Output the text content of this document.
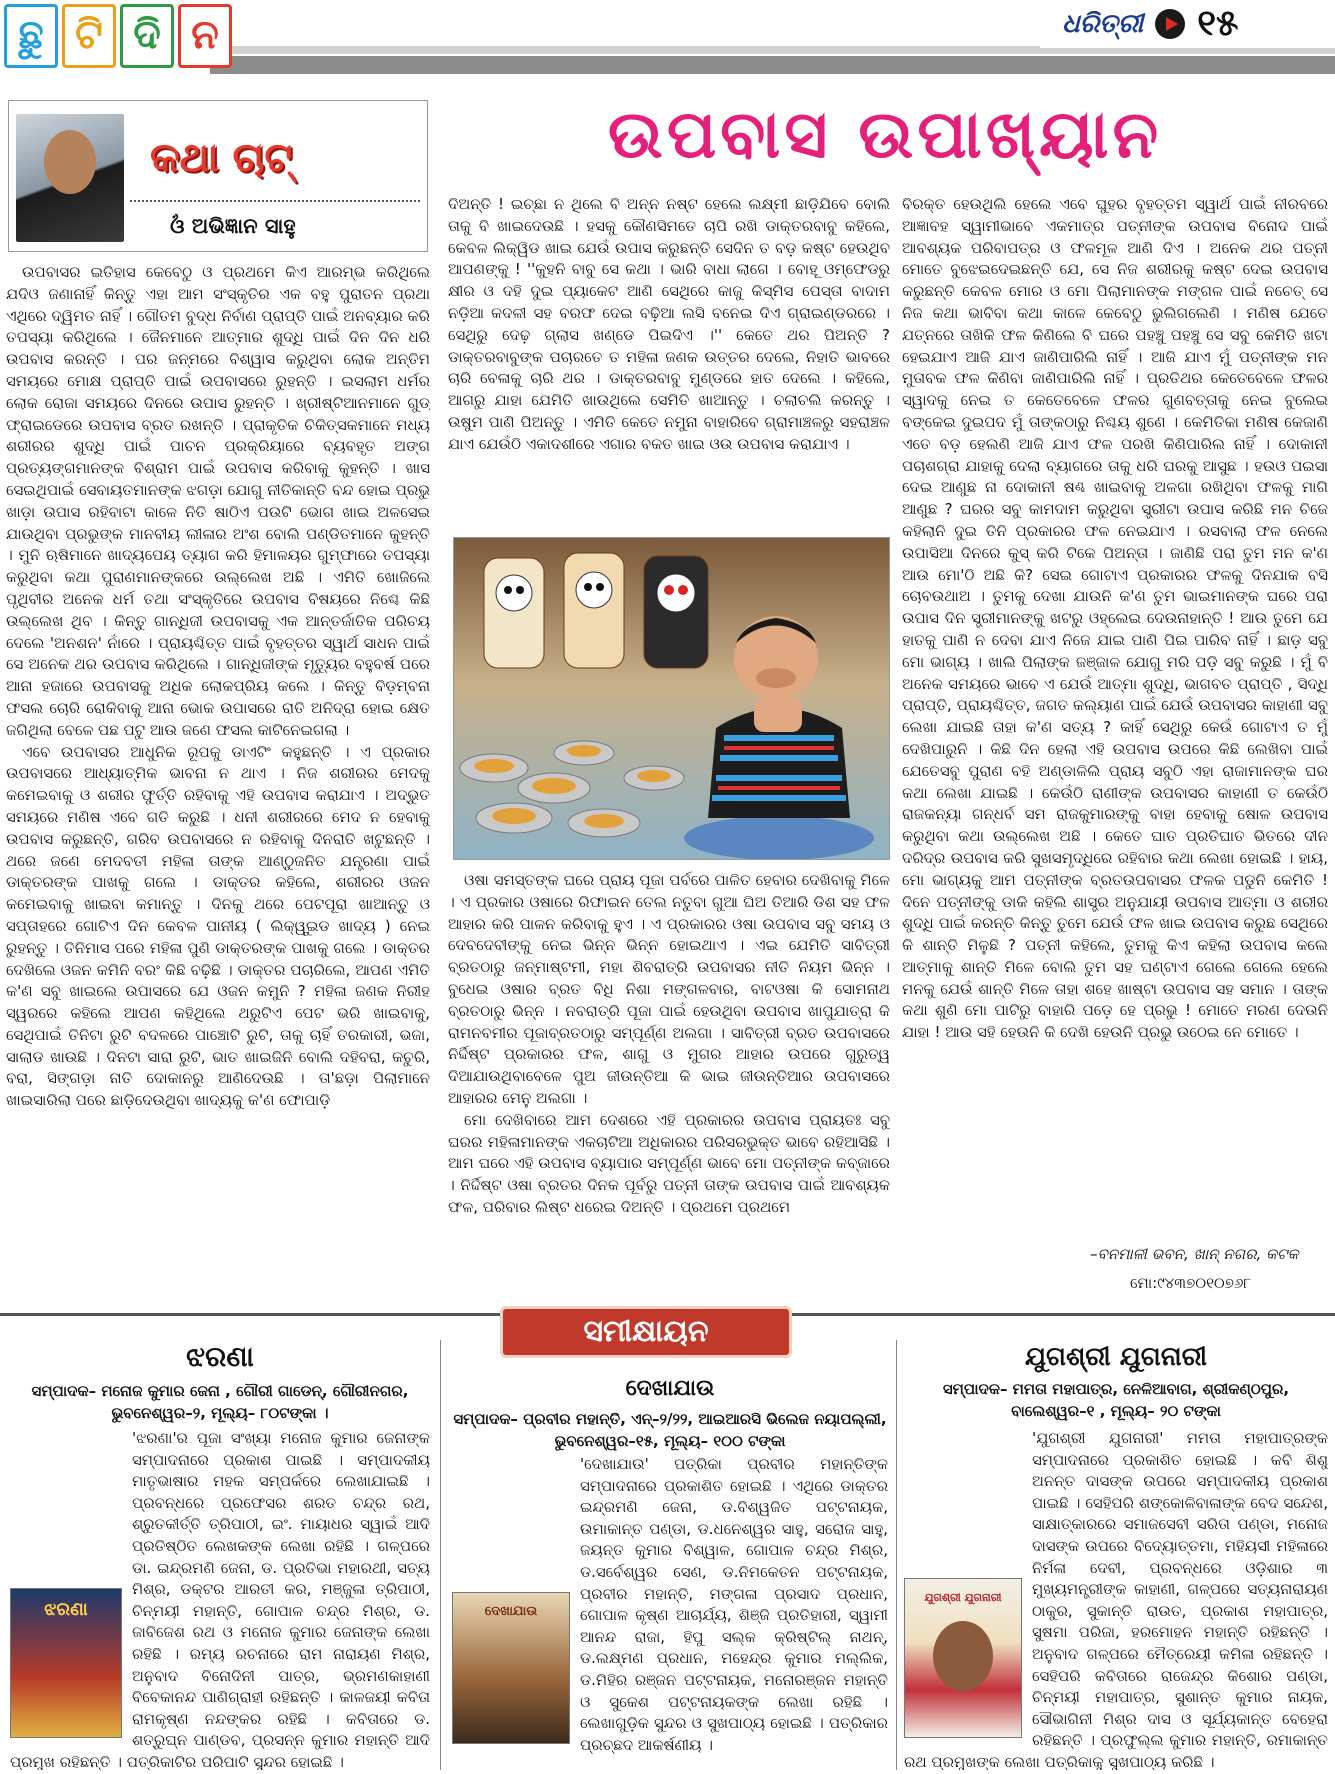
ଛୁ ଟି ଦି ନ	ଧରିତ୍ରୀ ୧୫
କଥା ଚାଟ୍
ଓଁ ଅଭିଜ୍ଞାନ ସାହୁ
ଉପବାସ ଉପାଖ୍ୟାନ

ଉପବାସର ଇତିହାସ କେବେଠୁ ଓ ପ୍ରଥମେ କିଏ ଆରମ୍ଭ କରିଥିଲେ ଯଦିଓ ଜଣାନାହିଁ କିନ୍ତୁ ଏହା ଆମ ସଂସ୍କୃତିର ଏକ ବହୁ ପୁରାତନ ପ୍ରଥା ଏଥିରେ ଦ୍ୱିମତ ନାହିଁ । ଗୌତମ ବୁଦ୍ଧ ନିର୍ବାଣ ପ୍ରାପ୍ତି ପାଇଁ ଅନବ୍ୟାର କରି ତପସ୍ୟା କରିଥିଲେ । ଜୈନମାନେ ଆତ୍ମାର ଶୁଦ୍ଧି ପାଇଁ ଦିନ ଦିନ ଧରି ଉପବାସ କରନ୍ତି । ପର ଜନ୍ମରେ ବିଶ୍ୱାସ କରୁଥିବା ଲୋକ ଅନ୍ତିମ ସମୟରେ ମୋକ୍ଷ ପ୍ରାପ୍ତି ପାଇଁ ଉପବାସରେ ରୁହନ୍ତି । ଇସଲାମ ଧର୍ମର ଲୋକ ରୋଜା ସମୟରେ ଦିନରେ ଉପାସ ରୁହନ୍ତି । ଖ୍ରୀଷ୍ଟିଆନମାନେ ଗୁଡ୍ ଫ୍ରାଇଡେରେ ଉପବାସ ବ୍ରତ ରଖନ୍ତି । ପ୍ରାକୃତିକ ଚିକିତ୍ସକମାନେ ମଧ୍ୟ ଶରୀରର ଶୁଦ୍ଧି ପାଇଁ ପାଚନ ପ୍ରକ୍ରିୟାରେ ବ୍ୟବହୃତ ଅଙ୍ଗ ପ୍ରତ୍ୟଙ୍ଗମାନଙ୍କ ବିଶ୍ରାମ ପାଇଁ ଉପବାସ କରିବାକୁ କୁହନ୍ତି । ଖାସ ସେଇଥିପାଇଁ ସେବାୟତମାନଙ୍କ ଝଗଡ଼ା ଯୋଗୁ ନୀତିକାନ୍ତି ବନ୍ଦ ହୋଇ ପ୍ରଭୁ ଖାଡ଼ା ଉପାସ ରହିବାଟା କାଳେ ନିତି ଷାଠିଏ ପଉଟି ଭୋଗ ଖାଇ ଅଳସେଇ ଯାଉଥିବା ପ୍ରଭୁଙ୍କ ମାନବୀୟ ଲୀଳାର ଅଂଶ ବୋଲି ପଣ୍ଡିତମାନେ କୁହନ୍ତି । ମୁନି ଋଷିମାନେ ଖାଦ୍ୟପେୟ ତ୍ୟାଗ କରି ହିମାଳୟର ଗୁମ୍ଫାରେ ତପସ୍ୟା କରୁଥିବା କଥା ପୁରାଣମାନଙ୍କରେ ଉଲ୍ଲେଖ ଅଛି । ଏମିତି ଖୋଜିଲେ ପୃଥିବୀର ଅନେକ ଧର୍ମ ତଥା ସଂସ୍କୃତିରେ ଉପବାସ ବିଷୟରେ ନିଶ୍ଚେ କିଛି ଉଲ୍ଲେଖ ଥିବ । କିନ୍ତୁ ଗାନ୍ଧିଜୀ ଉପବାସକୁ ଏକ ଆନ୍ତର୍ଜାତିକ ପରିଚୟ ଦେଲେ 'ଅନଶନ' ନାଁରେ । ପ୍ରାୟଶ୍ଚିତ୍ତ ପାଇଁ ବୃହତ୍ତର ସ୍ୱାର୍ଥ ସାଧନ ପାଇଁ ସେ ଅନେକ ଥର ଉପବାସ କରିଥିଲେ । ଗାନ୍ଧିଜୀଙ୍କ ମୃତ୍ୟୁର ବହୁବର୍ଷ ପରେ ଆନା ହଜାରେ ଉପବାସକୁ ଅଧିକ ଲୋକପ୍ରିୟ କଲେ । କିନ୍ତୁ ବିଡ଼ମ୍ବନା ଫସଲ ଚୋରି ରୋକିବାକୁ ଆନା ଭୋକ ଉପାସରେ ରାତି ଅନିଦ୍ରା ହୋଇ କ୍ଷେତ ଜଗିଥିଲା ବେଳେ ପଛ ପଟୁ ଆଉ ଜଣେ ଫସଲ କାଟିନେଇଗଲା ।

ଏବେ ଉପବାସର ଆଧୁନିକ ରୂପକୁ ଡାଏଟିଂ କହୁଛନ୍ତି । ଏ ପ୍ରକାର ଉପବାସରେ ଆଧ୍ୟାତ୍ମିକ ଭାବନା ନ ଥାଏ । ନିଜ ଶରୀରର ମେଦକୁ କମେଇବାକୁ ଓ ଶରୀର ଫୁର୍ତ୍ତି ରହିବାକୁ ଏହି ଉପବାସ କରାଯାଏ । ଅଦ୍ଭୁତ ସମୟରେ ମଣିଷ ଏବେ ଗତି କରୁଛି । ଧନୀ ଶରୀରରେ ମେଦ ନ ହେବାକୁ ଉପବାସ କରୁଛନ୍ତି, ଗରିବ ଉପବାସରେ ନ ରହିବାକୁ ଦିନରାତି ଖଟୁଛନ୍ତି । ଥରେ ଜଣେ ମେଦବତୀ ମହିଳା ତାଙ୍କ ଆଣ୍ଠୁଜନିତ ଯନ୍ତ୍ରଣା ପାଇଁ ଡାକ୍ତରଙ୍କ ପାଖକୁ ଗଲେ । ଡାକ୍ତର କହିଲେ, ଶରୀରର ଓଜନ କମେଇବାକୁ ଖାଇବା କମାନ୍ତୁ । ଦିନକୁ ଥରେ ପେଟପୂରା ଖାଆନ୍ତୁ ଓ ସପ୍ତାହରେ ଗୋଟିଏ ଦିନ କେବଳ ପାନୀୟ ( ଲିକ୍ୱୁଇଡ ଖାଦ୍ୟ ) ନେଇ ରୁହନ୍ତୁ । ତିନିମାସ ପରେ ମହିଳା ପୁଣି ଡାକ୍ତରଙ୍କ ପାଖକୁ ଗଲେ । ଡାକ୍ତର ଦେଖିଲେ ଓଜନ କମିନି ବରଂ କିଛି ବଢ଼ିଛି । ଡାକ୍ତର ପଚାରିଲେ, ଆପଣ ଏମିତି କ'ଣ ସବୁ ଖାଇଲେ ଉପାସରେ ଯେ ଓଜନ କମୁନି ? ମହିଳା ଜଣକ ନିରୀହ ସ୍ୱରରେ କହିଲେ ଆପଣ କହିଥିଲେ ଥରୁଟିଏ ପେଟ ଭରି ଖାଇବାକୁ, ସେଥିପାଇଁ ତିନିଟା ରୁଟି ବଦଳରେ ପାଞ୍ଚୋଟି ରୁଟି, ତାକୁ ଚାହିଁ ତରକାରୀ, ଭଜା, ସାଲାଡ ଖାଉଛି । ଦିନଟା ସାରା ରୁଟି, ଭାତ ଖାଇଜିନି ବୋଲି ଦହିବରା, କଚୁରି, ବରା, ସିଙ୍ଗଡ଼ା ନାତି ଦୋକାନରୁ ଆଣିଦେଉଛି । ତା'ଛଡ଼ା ପିଲାମାନେ ଖାଇସାରିଲା ପରେ ଛାଡ଼ିଦେଉଥିବା ଖାଦ୍ୟକୁ କ'ଣ ଫୋପାଡ଼ି

ଦିଅନ୍ତି ! ଇଚ୍ଛା ନ ଥିଲେ ବି ଅନ୍ନ ନଷ୍ଟ ହେଲେ ଲକ୍ଷ୍ମୀ ଛାଡ଼ିଯିବେ ବୋଲି ତାକୁ ବି ଖାଇଦେଉଛି । ହସକୁ କୌଣସିମତେ ଚାପି ରଖି ଡାକ୍ତରବାବୁ କହିଲେ, କେବଳ ଲିକ୍ୱିଡ ଖାଇ ଯେଉଁ ଉପାସ କରୁଛନ୍ତି ସେଦିନ ତ ବଡ଼ କଷ୍ଟ ହେଉଥିବ ଆପଣଙ୍କୁ ! ''କୁହନି ବାବୁ ସେ କଥା । ଭାରି ବାଧା ଲାଗେ । ବୋହୂ ଓମ୍ଫେଡରୁ କ୍ଷୀର ଓ ଦହି ଦୁଇ ପ୍ୟାକେଟ ଆଣି ସେଥିରେ କାଜୁ କିସ୍‌ମିସ ପେସ୍ତା ବାଦାମ ନଡ଼ିଆ କଦଳୀ ସହ ବରଫ ଦେଇ ବଢ଼ିଆ ଲସି ବନେଇ ଦିଏ ଗ୍ରାଇଣ୍ଡରରେ । ସେଥିରୁ ଦେଢ଼ ଗ୍ଲାସ ଖଣ୍ଡେ ପିଇଦିଏ ।'' କେତେ ଥର ପିଅନ୍ତି ? ଡାକ୍ତରବାବୁଙ୍କ ପଚାରତେ ତ ମହିଳା ଜଣକ ଉତ୍ତର ଦେଲେ, ନିହାତି ଭାବରେ ଚାରି ବେଳାକୁ ଚାରି ଥର । ଡାକ୍ତରବାବୁ ମୁଣ୍ଡରେ ହାତ ଦେଲେ । କହିଲେ, ଆଗରୁ ଯାହା ଯେମିତି ଖାଉଥିଲେ ସେମିତି ଖାଆନ୍ତୁ । ଚଲାଚଲି କରନ୍ତୁ । ଉଷୁମ ପାଣି ପିଅନ୍ତୁ । ଏମିତି କେତେ ନମୁନା ବାହାରିବେ ଗ୍ରାମାଞ୍ଚଳରୁ ସହରାଞ୍ଚଳ ଯାଏ ଯେଉଁଠି ଏକାଦଶୀରେ ଏଗାର ବକତ ଖାଇ ଓଉ ଉପବାସ କରାଯାଏ ।

ଓଷା ସମସ୍ତଙ୍କ ଘରେ ପ୍ରାୟ ପୂଜା ପର୍ବରେ ପାଳିତ ହେବାର ଦେଖିବାକୁ ମିଳେ । ଏ ପ୍ରକାର ଓଷାରେ ରିଫାଇନ ତେଲ ନତୁବା ଗୁଆ ଘିଅ ତିଆରି ଡିଶ ସହ ଫଳ ଆହାର କରି ପାଳନ କରିବାକୁ ହୁଏ । ଏ ପ୍ରକାରର ଓଷା ଉପବାସ ସବୁ ସମୟ ଓ ଦେବଦେବୀଙ୍କୁ ନେଇ ଭିନ୍ନ ଭିନ୍ନ ହୋଇଥାଏ । ଏଇ ଯେମିତି ସାବିତ୍ରୀ ବ୍ରତଠାରୁ ଜନ୍ମାଷ୍ଟମୀ, ମହା ଶିବରାତ୍ରି ଉପବାସର ନୀତି ନିୟମ ଭିନ୍ନ । ବୁଧେଇ ଓଷାର ବ୍ରତ ବିଧି ନିଶା ମଙ୍ଗଳବାର, ବାଟଓଷା କି ସୋମନାଥ ବ୍ରତଠାରୁ ଭିନ୍ନ । ନବରାତ୍ରି ପୂଜା ପାଇଁ ହେଉଥିବା ଉପବାସ ଖାପୁଯାତ୍ରା କି ରାମନବମୀର ପୂଜାବ୍ରତଠାରୁ ସମ୍ପୂର୍ଣ୍ଣ ଅଲଗା । ସାବିତ୍ରୀ ବ୍ରତ ଉପବାସରେ ନିର୍ଦ୍ଦିଷ୍ଟ ପ୍ରକାରର ଫଳ, ଶାଗୁ ଓ ମୁଗର ଆହାର ଉପରେ ଗୁରୁତ୍ୱ ଦିଆଯାଉଥିବାବେଳେ ପୁଅ ଜୀଉନ୍ତିଆ କି ଭାଇ ଜୀଉନ୍ତିଆର ଉପବାସରେ ଆହାରର ମେନୁ ଅଲଗା ।

ମୋ ଦେଖିବାରେ ଆମ ଦେଶରେ ଏହି ପ୍ରକାରର ଉପବାସ ପ୍ରାୟତଃ ସବୁ ଘରର ମହିଳାମାନଙ୍କ ଏକଚାଟିଆ ଅଧିକାରର ପରିସରଭୁକ୍ତ ଭାବେ ରହିଆସିଛି । ଆମ ଘରେ ଏହି ଉପବାସ ବ୍ୟାପାର ସମ୍ପୂର୍ଣ୍ଣ ଭାବେ ମୋ ପତ୍ନୀଙ୍କ କବ୍‌ଜାରେ । ନିର୍ଦ୍ଦିଷ୍ଟ ଓଷା ବ୍ରତର ଦିନକ ପୂର୍ବରୁ ପତ୍ନୀ ତାଙ୍କ ଉପବାସ ପାଇଁ ଆବଶ୍ୟକ ଫଳ, ପରିବାର ଲିଷ୍ଟ ଧରେଇ ଦିଅନ୍ତି । ପ୍ରଥମେ ପ୍ରଥମେ

ବିରକ୍ତ ହେଉଥିଲି ହେଲେ ଏବେ ଘୁହର ବୃହତ୍ତମ ସ୍ୱାର୍ଥ ପାଇଁ ନୀରବରେ ଆଜ୍ଞାବହ ସ୍ୱାମୀଭାବେ ଏକମାତ୍ର ପତ୍ନୀଙ୍କ ଉପବାସ ବିନୋଦ ପାଇଁ ଆବଶ୍ୟକ ପରିବାପତ୍ର ଓ ଫଳମୂଳ ଆଣି ଦିଏ । ଅନେକ ଥର ପତ୍ନୀ ମୋତେ ବୁଝେଇଦେଇଛନ୍ତି ଯେ, ସେ ନିଜ ଶରୀରକୁ କଷ୍ଟ ଦେଇ ଉପବାସ କରୁଛନ୍ତି କେବଳ ମୋର ଓ ମୋ ପିଲାମାନଙ୍କ ମଙ୍ଗଳ ପାଇଁ ନଚେତ୍ ସେ ନିଜ କଥା ଭାବିବା କଥା କାଳେ କେବେଠୁ ଭୁଲିଗଲେଣି । ମଣିଷ ଯେତେ ଯତ୍ନରେ ତାଖିକି ଫଳ କିଣିଲେ ବି ଘରେ ପହଞ୍ଚୁ ପହଞ୍ଚୁ ସେ ସବୁ କେମିତି ଖଟା ହେଇଯାଏ ଆଜି ଯାଏ ଜାଣିପାରିଲି ନାହିଁ । ଆଜି ଯାଏ ମୁଁ ପତ୍ନୀଙ୍କ ମନ ମୁତାବକ ଫଳ କିଣିବା ଜାଣିପାରିଲି ନାହିଁ । ପ୍ରତିଥର କେତେବେଳେ ଫଳର ସ୍ୱାଦକୁ ନେଇ ତ କେତେବେଳେ ଫଳର ଗୁଣବତ୍ତାକୁ ନେଇ ବୁଲେଇ ବଙ୍କେଇ ଦୁଇପଦ ମୁଁ ତାଙ୍କଠାରୁ ନିଶ୍ଚୟ ଶୁଣେ । କେମିତିକା ମଣିଷ କେଜାଣି ଏତେ ବଡ଼ ହେଲଣି ଆଜି ଯାଏ ଫଳ ପରଖି କିଣିପାରିଲ ନାହିଁ । ଦୋକାନୀ ପଚାଶଗ୍ରା ଯାହାକୁ ଦେଲା ବ୍ୟାଗରେ ତାକୁ ଧରି ଘରକୁ ଆସୁଛ । ହଉଓ ପଇସା ଦେଇ ଆଣୁଛ ନା ଦୋକାନୀ ଷଣ୍ଢ ଖାଇବାକୁ ଅଳଗା ରଖିଥିବା ଫଳକୁ ମାଗି ଆଣୁଛ ? ଘରର ସବୁ କାମଦାମ କରୁଥିବା ସ୍ତ୍ରୀଟା ଉପାସ କରିଛି ମନ ଚିଜେ କହିଲାନି ଦୁଇ ତିନି ପ୍ରକାରର ଫଳ ନେଇଯାଏ । ରସବାଲା ଫଳ ନେଲେ ଉପାସିଆ ଦିନରେ କୁସ୍ କରି ଟିକେ ପିଅନ୍ତା । ଜାଣିଛି ପରା ତୁମ ମନ କ'ଣ ଆଉ ମୋ'ଠି ଅଛି କି? ସେଇ ଗୋଟାଏ ପ୍ରକାରର ଫଳକୁ ଦିନଯାକ ବସି ଚୋବଉଥାଅ । ତୁମକୁ ଦେଖା ଯାଉନି କ'ଣ ତୁମ ଭାଇମାନଙ୍କ ଘରେ ପରା ଉପାସ ଦିନ ସ୍ତ୍ରୀମାନଙ୍କୁ ଖଟରୁ ଓହ୍ଲେଇ ଦେଉନାହାନ୍ତି ! ଆଉ ତୁମେ ଯେ ହାତକୁ ପାଣି ନ ଦେବା ଯାଏ ନିଜେ ଯାଇ ପାଣି ପିଇ ପାରିବ ନାହିଁ । ଛାଡ଼ ସବୁ ମୋ ଭାଗ୍ୟ । ଖାଲି ପିଲାଙ୍କ ଜଞ୍ଜାଳ ଯୋଗୁ ମରି ପଡ଼ି ସବୁ କରୁଛି । ମୁଁ ବି ଅନେକ ସମୟରେ ଭାବେ ଏ ଯେଉଁ ଆତ୍ମା ଶୁଦ୍ଧି, ଭାଗବତ ପ୍ରାପ୍ତି , ସିଦ୍ଧି ପ୍ରାପ୍ତି, ପ୍ରାୟଶ୍ଚିତ୍ତ, ଜଗତ କଲ୍ୟାଣ ପାଇଁ ଯେଉଁ ଉପବାସର କାହାଣୀ ସବୁ ଲେଖା ଯାଇଛି ତାହା କ'ଣ ସତ୍ୟ ? କାହିଁ ସେଥିରୁ କେଉଁ ଗୋଟାଏ ତ ମୁଁ ଦେଖିପାରୁନି । କିଛି ଦିନ ହେଲା ଏହି ଉପବାସ ଉପରେ କିଛି ଲେଖିବା ପାଇଁ ଯେତେସବୁ ପୁରାଣ ବହି ଅଣ୍ଡାଳିଲି ପ୍ରାୟ ସବୁଠି ଏହା ରାଜାମାନଙ୍କ ଘର କଥା ଲେଖା ଯାଇଛି । କେଉଁଠି ରାଣୀଙ୍କ ଉପବାସର କାହାଣୀ ତ କେଉଁଠି ରାଜକନ୍ୟା ଗନ୍ଧର୍ବ ସମ ରାଜକୁମାରଙ୍କୁ ବାହା ହେବାକୁ ଷୋଳ ଉପବାସ କରୁଥିବା କଥା ଉଲ୍ଲେଖ ଅଛି । କେତେ ଘାତ ପ୍ରତିଘାତ ଭିତରେ ଦୀନ ଦରିଦ୍ର ଉପବାସ କରି ସୁଖସମୃଦ୍ଧିରେ ରହିବାର କଥା ଲେଖା ହୋଇଛି । ହାୟ, ମୋ ଭାଗ୍ୟକୁ ଆମ ପତ୍ନୀଙ୍କ ବ୍ରତଉପବାସର ଫଳକ ପଡୁନି କେମିତି ! ଦିନେ ପତ୍ନୀଙ୍କୁ ଡାକି କହିଲି ଶାସ୍ତ୍ର ଅନୁଯାୟୀ ଉପବାସ ଆତ୍ମା ଓ ଶରୀର ଶୁଦ୍ଧି ପାଇଁ କରନ୍ତି କିନ୍ତୁ ତୁମେ ଯେଉଁ ଫଳ ଖାଇ ଉପବାସ କରୁଛ ସେଥିରେ କି ଶାନ୍ତି ମିଳୁଛି ? ପତ୍ନୀ କହିଲେ, ତୁମକୁ କିଏ କହିଲା ଉପବାସ କଲେ ଆତ୍ମାକୁ ଶାନ୍ତି ମିଳେ ବୋଲି ତୁମ ସହ ଘଣ୍ଟାଏ ଗେଲେ ଗେଲେ ହେଲେ ମନକୁ ଯେଉଁ ଶାନ୍ତି ମିଳେ ତାହା ଶହେ ଖାଷ୍ଟା ଉପବାସ ସହ ସମାନ । ତାଙ୍କ କଥା ଶୁଣି ମୋ ପାଟିରୁ ବାହାରି ପଡ଼େ ହେ ପ୍ରଭୁ ! ମୋତେ ମରଣ ଦେଉନି ଯାହା ! ଆଉ ସହି ହେଉନି କି ଦେଖି ହେଉନି ପ୍ରଭୁ ଉଠେଇ ନେ ମୋତେ ।

–ବନମାଳୀ ଭବନ, ଖାନ୍ ନଗର, କଟକ
ମୋ:୯୪୩୭୦୧୦୭୬୮
ସମୀକ୍ଷାୟନ
ଝରଣା
ସମ୍ପାଦକ– ମନୋଜ କୁମାର ଜେନା , ଗୌରୀ ଗାଡେନ୍, ଗୌରୀନଗର, ଭୁବନେଶ୍ୱର–୨, ମୂଲ୍ୟ– ୮୦ଟଙ୍କା ।
ଝରଣା
'ଝରଣା'ର ପୂଜା ସଂଖ୍ୟା ମନୋଜ କୁମାର ଜେନାଙ୍କ ସମ୍ପାଦନାରେ ପ୍ରକାଶ ପାଇଛି । ସମ୍ପାଦକୀୟ ମାତୃଭାଷାର ମହକ ସମ୍ପର୍କରେ ଲେଖାଯାଇଛି । ପ୍ରବନ୍ଧରେ ପ୍ରଫେସର ଶରତ ଚନ୍ଦ୍ର ରଥ, ଶ୍ରୁତକୀର୍ତ୍ତି ତ୍ରିପାଠୀ, ଇଂ. ମାୟାଧର ସ୍ୱାଇଁ ଆଦି ପ୍ରତିଷ୍ଠିତ ଲେଖକଙ୍କ ଲେଖା ରହିଛି । ଗଳ୍ପରେ ଡା. ଇନ୍ଦ୍ରମଣି ଜେନା, ଡ. ପ୍ରତିଭା ମହାରଥୀ, ସତ୍ୟ ମିଶ୍ର, ଡକ୍ଟର ଆରତୀ କର, ମଞ୍ଜୁଳା ତ୍ରିପାଠୀ, ଚିନ୍ମୟୀ ମହାନ୍ତି, ଗୋପାଳ ଚନ୍ଦ୍ର ମିଶ୍ର, ଡ. ଜାବିଜେଶ ରଥ ଓ ମନୋଜ କୁମାର ଜେନାଙ୍କ ଲେଖା ରହିଛି । ରମ୍ୟ ରଚନାରେ ରାମ ନାରାୟଣ ମିଶ୍ର, ଅନୁବାଦ ବିନୋଦିନୀ ପାତ୍ର, ଭ୍ରମଣକାହାଣୀ ବିବେକାନନ୍ଦ ପାଣିଗ୍ରାହୀ ରହିଛନ୍ତି । କାଳଜୟୀ କବିତା ରାମକୃଷ୍ଣ ନନ୍ଦଙ୍କର ରହିଛି । କବିତାରେ ଡ. ଶତ୍ରୁଘ୍ନ ପାଣ୍ଡବ, ପ୍ରସନ୍ନ କୁମାର ମହାନ୍ତି ଆଦି ପ୍ରମୁଖ ରହିଛନ୍ତି । ପତ୍ରିକାଟିର ପରିପାଟି ସୁନ୍ଦର ହୋଇଛି ।
ଦେଖାଯାଉ
ସମ୍ପାଦକ– ପ୍ରବୀର ମହାନ୍ତି, ଏନ୍–୨/୨୨, ଆଇଆରସି ଭିଲେଜ ନୟାପଲ୍ଲୀ, ଭୁବନେଶ୍ୱର–୧୫, ମୂଲ୍ୟ– ୧୦୦ ଟଙ୍କା
ଦେଖାଯାଉ
'ଦେଖାଯାଉ' ପତ୍ରିକା ପ୍ରବୀର ମହାନ୍ତିଙ୍କ ସମ୍ପାଦନାରେ ପ୍ରକାଶିତ ହୋଇଛି । ଏଥିରେ ଡାକ୍ତର ଇନ୍ଦ୍ରମଣି ଜେନା, ଡ.ବିଶ୍ୱଜିତ ପଟ୍ଟନାୟକ, ଉମାକାନ୍ତ ପଣ୍ଡା, ଡ.ଧନେଶ୍ୱର ସାହୁ, ସରୋଜ ସାହୁ, ଜୟନ୍ତ କୁମାର ବିଶ୍ୱାଳ, ଗୋପାଳ ଚନ୍ଦ୍ର ମିଶ୍ର, ଡ.ସର୍ବେଶ୍ୱର ସେଣ, ଡ.ନିମକେତନ ପଟ୍ଟନାୟକ, ପ୍ରବୀର ମହାନ୍ତି, ମଙ୍ଗଳା ପ୍ରସାଦ ପ୍ରଧାନ, ଗୋପାଳ କୃଷ୍ଣ ଆଚାର୍ଯ୍ୟ, ଶିଞ୍ଜି ପ୍ରତିହାରୀ, ସ୍ୱାମୀ ଆନନ୍ଦ ରାଜା, ହିପୁ ସଲ୍‌କ କ୍ରିଷ୍ଟିଲ୍ ନାଥନ୍, ଡ.ଲକ୍ଷ୍ମଣ ପ୍ରଧାନ, ମହେନ୍ଦ୍ର କୁମାର ମଲ୍ଲିକ, ଡ.ମିହିର ରଞ୍ଜନ ପଟ୍ଟନାୟକ, ମନୋରଞ୍ଜନ ମହାନ୍ତି ଓ ସୁକେଶ ପଟ୍ଟନାୟକଙ୍କ ଲେଖା ରହିଛି । ଲେଖାଗୁଡ଼ିକ ସୁନ୍ଦର ଓ ସୁଖପାଠ୍ୟ ହୋଇଛି । ପତ୍ରିକାର ପ୍ରଚ୍ଛଦ ଆକର୍ଷଣୀୟ ।
ଯୁଗଶ୍ରୀ ଯୁଗନାରୀ
ସମ୍ପାଦକ– ମମତା ମହାପାତ୍ର, ନେଳିଆବାଗ, ଶ୍ରୀକଣ୍ଠପୁର, ବାଲେଶ୍ୱର–୧ , ମୂଲ୍ୟ– ୨୦ ଟଙ୍କା
ଯୁଗଶ୍ରୀ ଯୁଗନାରୀ
'ଯୁଗଶ୍ରୀ ଯୁଗନାରୀ' ମମତା ମହାପାତ୍ରଙ୍କ ସମ୍ପାଦନାରେ ପ୍ରକାଶିତ ହୋଇଛି । କବି ଶିଶୁ ଅନନ୍ତ ଦାସଙ୍କ ଉପରେ ସମ୍ପାଦକୀୟ ପ୍ରକାଶ ପାଇଛି । ସେହିପରି ଶଙ୍କୋଳିବାଳାଙ୍କ ବେଦ ସନ୍ଦେଶ, ସାକ୍ଷାତ୍‌କାରରେ ସମାଜସେବୀ ସରିତା ପଣ୍ଡା, ମନୋଜ ଦାସଙ୍କ ଉପରେ ବିଦ୍ୟୋତ୍ତମା, ମହିୟସୀ ମହିଳାରେ ନିର୍ମଳା ଦେବୀ, ପ୍ରବନ୍ଧରେ ଓଡ଼ିଶାର ୩ ମୁଖ୍ୟମନ୍ତ୍ରୀଙ୍କ କାହାଣୀ, ଗଳ୍ପରେ ସତ୍ୟନାରାୟଣ ଠାକୁର, ସୁକାନ୍ତି ରାଉତ, ପ୍ରକାଶ ମହାପାତ୍ର, ସୁଷମା ପରିଜା, ହରମୋହନ ମହାନ୍ତି ରହିଛନ୍ତି । ଅନୁବାଦ ଗଳ୍ପରେ ମୈତ୍ରେୟୀ କମିଳା ରହିଛନ୍ତି । ସେହିପରି କବିତାରେ ରାଜେନ୍ଦ୍ର କିଶୋର ପଣ୍ଡା, ଚିନ୍ମୟୀ ମହାପାତ୍ର, ସୁଶାନ୍ତ କୁମାର ନାୟକ, ସୌଭାଗିନୀ ମିଶ୍ର ଦାସ ଓ ସୂର୍ଯ୍ୟକାନ୍ତ ବେହେରା ରହିଛନ୍ତି । ପ୍ରଫୁଲ୍ଲ କୁମାର ମହାନ୍ତି, ରମାକାନ୍ତ ରଥ ପ୍ରମୁଖଙ୍କ ଲେଖା ପତ୍ରିକାକୁ ସୁଖପାଠ୍ୟ କରିଛି ।
